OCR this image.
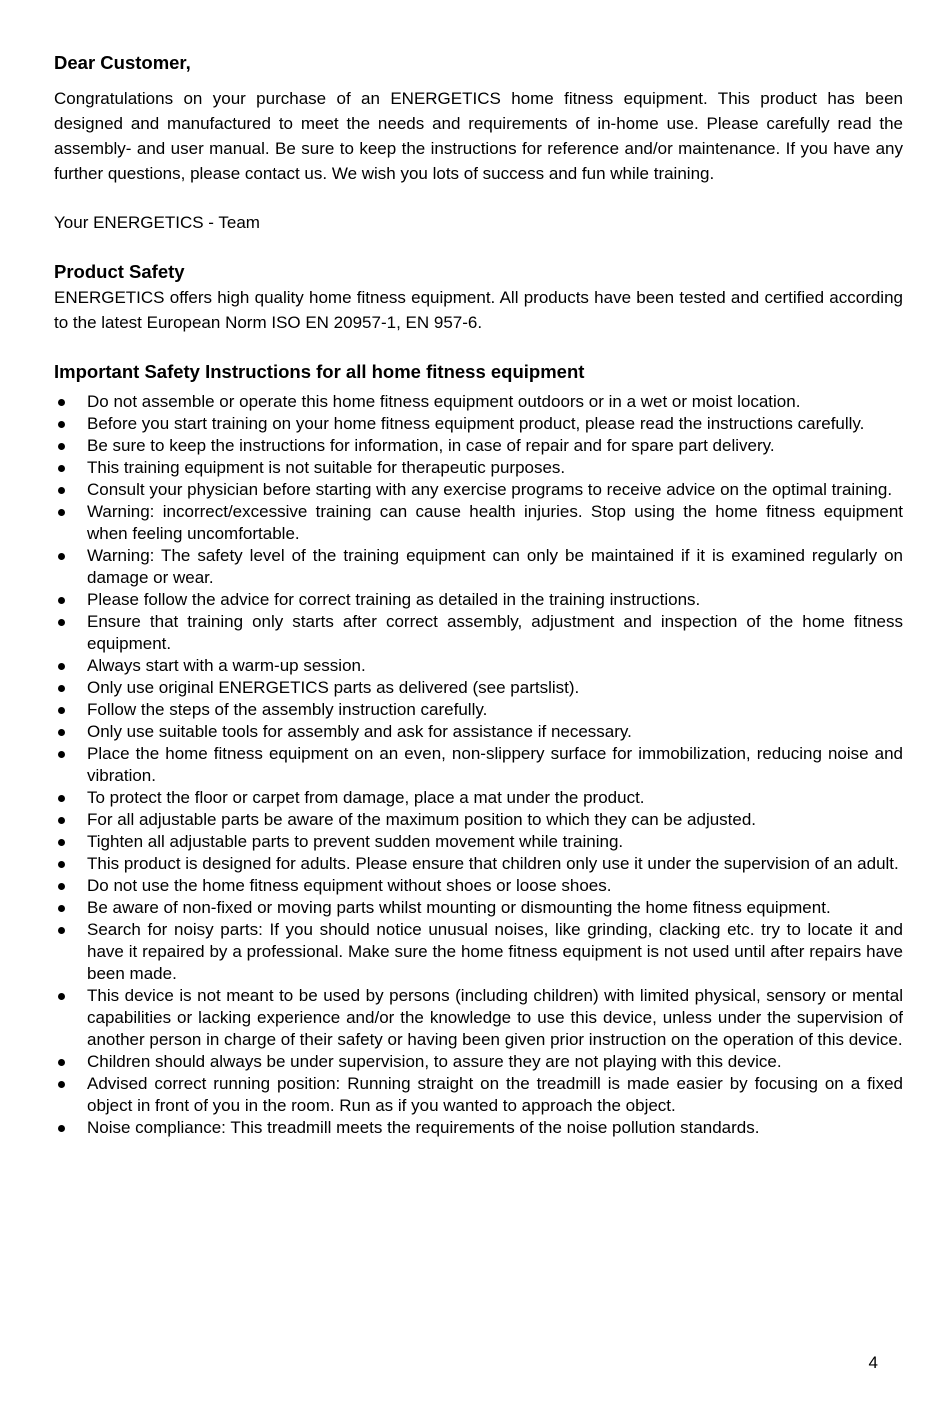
Dear Customer,

Congratulations on your purchase of an ENERGETICS home fitness equipment. This product has been designed and manufactured to meet the needs and requirements of in-home use. Please carefully read the assembly- and user manual. Be sure to keep the instructions for reference and/or maintenance. If you have any further questions, please contact us. We wish you lots of success and fun while training.

Your ENERGETICS - Team

Product Safety

ENERGETICS offers high quality home fitness equipment. All products have been tested and certified according to the latest European Norm ISO EN 20957-1, EN 957-6.

Important Safety Instructions for all home fitness equipment

Do not assemble or operate this home fitness equipment outdoors or in a wet or moist location.
Before you start training on your home fitness equipment product, please read the instructions carefully.
Be sure to keep the instructions for information, in case of repair and for spare part delivery.
This training equipment is not suitable for therapeutic purposes.
Consult your physician before starting with any exercise programs to receive advice on the optimal training.
Warning: incorrect/excessive training can cause health injuries. Stop using the home fitness equipment when feeling uncomfortable.
Warning: The safety level of the training equipment can only be maintained if it is examined regularly on damage or wear.
Please follow the advice for correct training as detailed in the training instructions.
Ensure that training only starts after correct assembly, adjustment and inspection of the home fitness equipment.
Always start with a warm-up session.
Only use original ENERGETICS parts as delivered (see partslist).
Follow the steps of the assembly instruction carefully.
Only use suitable tools for assembly and ask for assistance if necessary.
Place the home fitness equipment on an even, non-slippery surface for immobilization, reducing noise and vibration.
To protect the floor or carpet from damage, place a mat under the product.
For all adjustable parts be aware of the maximum position to which they can be adjusted.
Tighten all adjustable parts to prevent sudden movement while training.
This product is designed for adults. Please ensure that children only use it under the supervision of an adult.
Do not use the home fitness equipment without shoes or loose shoes.
Be aware of non-fixed or moving parts whilst mounting or dismounting the home fitness equipment.
Search for noisy parts: If you should notice unusual noises, like grinding, clacking etc. try to locate it and have it repaired by a professional. Make sure the home fitness equipment is not used until after repairs have been made.
This device is not meant to be used by persons (including children) with limited physical, sensory or mental capabilities or lacking experience and/or the knowledge to use this device, unless under the supervision of another person in charge of their safety or having been given prior instruction on the operation of this device.
Children should always be under supervision, to assure they are not playing with this device.
Advised correct running position: Running straight on the treadmill is made easier by focusing on a fixed object in front of you in the room. Run as if you wanted to approach the object.
Noise compliance: This treadmill meets the requirements of the noise pollution standards.
4
